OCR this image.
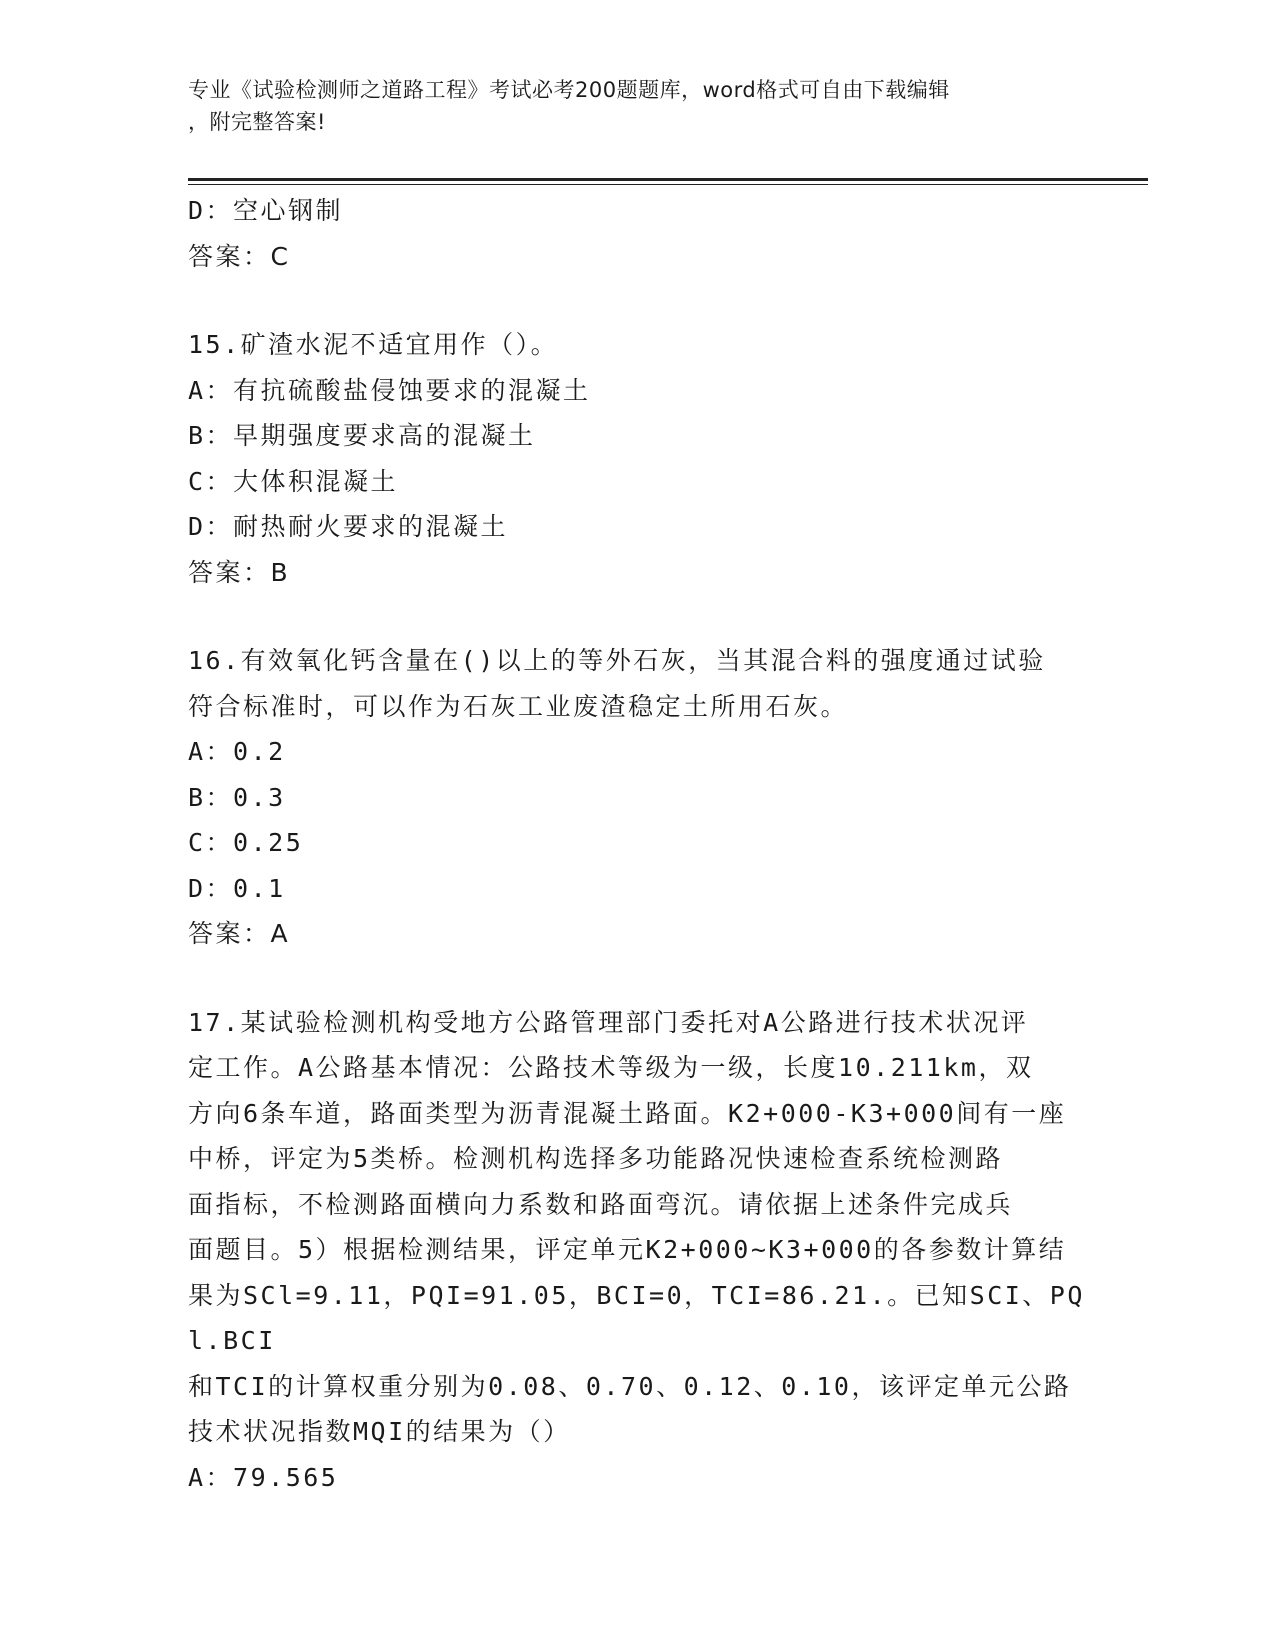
专业《试验检测师之道路工程》考试必考200题题库，word格式可自由下载编辑
，附完整答案!

D：空心钢制

答案：C

15.矿渣水泥不适宜用作（）。

A：有抗硫酸盐侵蚀要求的混凝土

B：早期强度要求高的混凝土

C：大体积混凝土

D：耐热耐火要求的混凝土

答案：B

16.有效氧化钙含量在()以上的等外石灰，当其混合料的强度通过试验

符合标准时，可以作为石灰工业废渣稳定土所用石灰。

A：0.2

B：0.3

C：0.25

D：0.1

答案：A

17.某试验检测机构受地方公路管理部门委托对A公路进行技术状况评

定工作。A公路基本情况：公路技术等级为一级，长度10.211km，双

方向6条车道，路面类型为沥青混凝土路面。K2+000-K3+000间有一座

中桥，评定为5类桥。检测机构选择多功能路况快速检查系统检测路

面指标，不检测路面横向力系数和路面弯沉。请依据上述条件完成兵

面题目。5）根据检测结果，评定单元K2+000~K3+000的各参数计算结

果为SCl=9.11，PQI=91.05，BCI=0，TCI=86.21.。已知SCI、PQl.BCI

和TCI的计算权重分别为0.08、0.70、0.12、0.10，该评定单元公路

技术状况指数MQI的结果为（）

A：79.565
